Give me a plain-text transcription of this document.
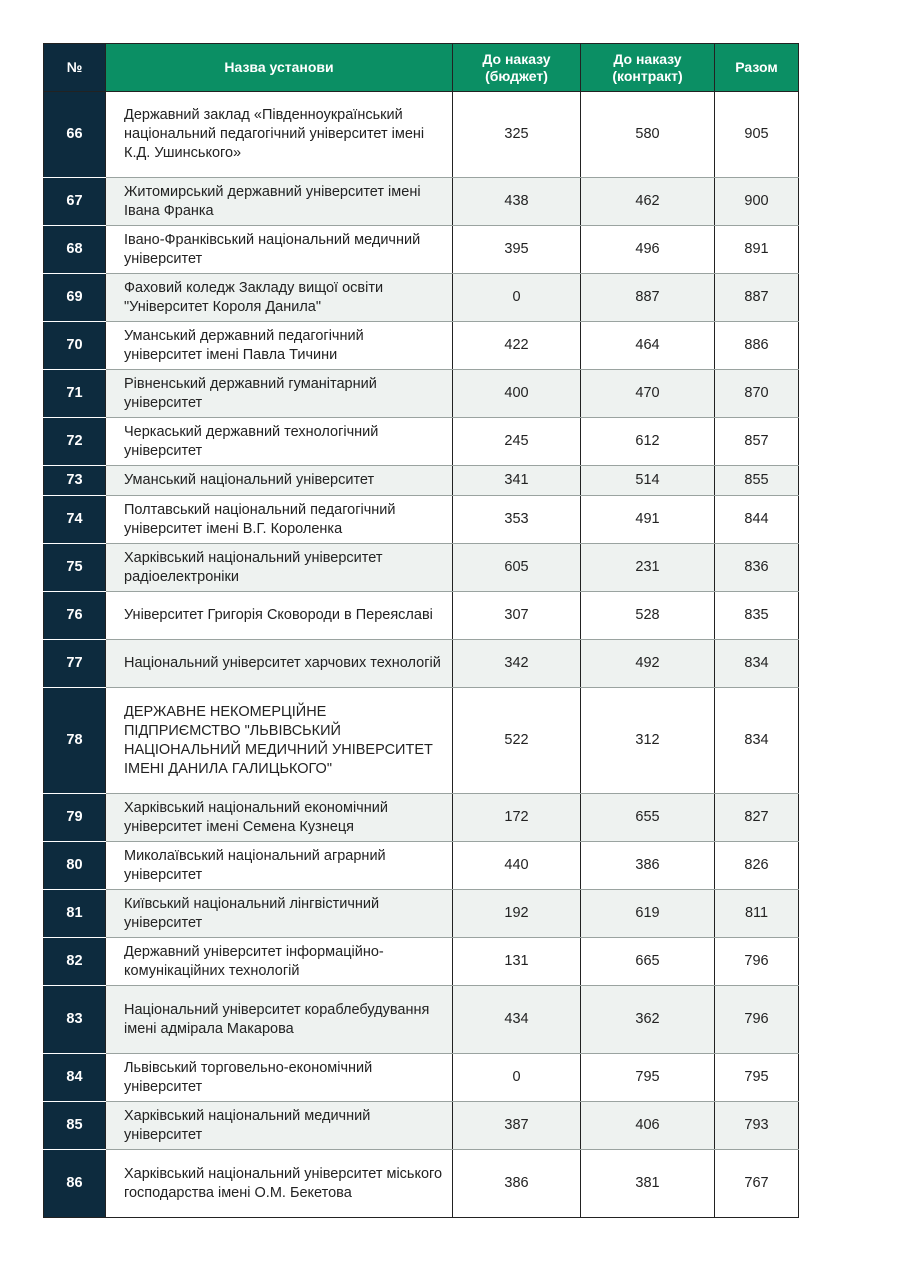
№	Назва установи	До наказу (бюджет)	До наказу (контракт)	Разом
66	Державний заклад «Південноукраїнський національний педагогічний університет імені К.Д. Ушинського»	325	580	905
67	Житомирський державний університет імені Івана Франка	438	462	900
68	Івано-Франківський національний медичний університет	395	496	891
69	Фаховий коледж Закладу вищої освіти "Університет Короля Данила"	0	887	887
70	Уманський державний педагогічний університет імені Павла Тичини	422	464	886
71	Рівненський державний гуманітарний університет	400	470	870
72	Черкаський державний технологічний університет	245	612	857
73	Уманський національний університет	341	514	855
74	Полтавський національний педагогічний університет імені В.Г. Короленка	353	491	844
75	Харківський національний університет радіоелектроніки	605	231	836
76	Університет Григорія Сковороди в Переяславі	307	528	835
77	Національний університет харчових технологій	342	492	834
78	ДЕРЖАВНЕ НЕКОМЕРЦІЙНЕ ПІДПРИЄМСТВО "ЛЬВІВСЬКИЙ НАЦІОНАЛЬНИЙ МЕДИЧНИЙ УНІВЕРСИТЕТ ІМЕНІ ДАНИЛА ГАЛИЦЬКОГО"	522	312	834
79	Харківський національний економічний університет імені Семена Кузнеця	172	655	827
80	Миколаївський національний аграрний університет	440	386	826
81	Київський національний лінгвістичний університет	192	619	811
82	Державний університет інформаційно-комунікаційних технологій	131	665	796
83	Національний університет кораблебудування імені адмірала Макарова	434	362	796
84	Львівський торговельно-економічний університет	0	795	795
85	Харківський національний медичний університет	387	406	793
86	Харківський національний університет міського господарства імені О.М. Бекетова	386	381	767
